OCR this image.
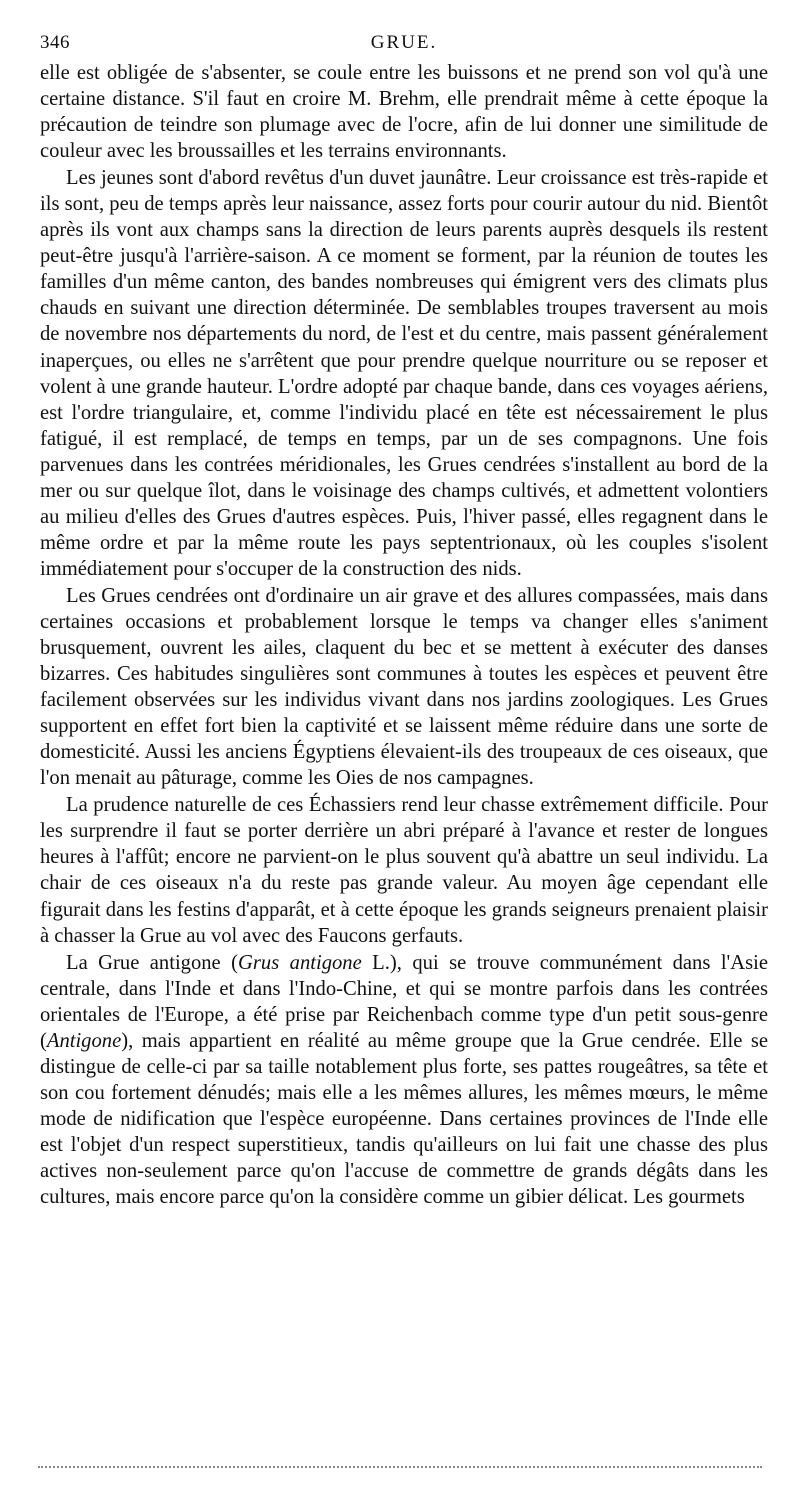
346	GRUE.

elle est obligée de s'absenter, se coule entre les buissons et ne prend son vol qu'à une certaine distance. S'il faut en croire M. Brehm, elle prendrait même à cette époque la précaution de teindre son plumage avec de l'ocre, afin de lui donner une similitude de couleur avec les broussailles et les terrains environnants.

Les jeunes sont d'abord revêtus d'un duvet jaunâtre. Leur croissance est très-rapide et ils sont, peu de temps après leur naissance, assez forts pour courir autour du nid. Bientôt après ils vont aux champs sans la direction de leurs parents auprès desquels ils restent peut-être jusqu'à l'arrière-saison. A ce moment se forment, par la réunion de toutes les familles d'un même canton, des bandes nombreuses qui émigrent vers des climats plus chauds en suivant une direction déterminée. De semblables troupes traversent au mois de novembre nos départements du nord, de l'est et du centre, mais passent généralement inaperçues, ou elles ne s'arrêtent que pour prendre quelque nourriture ou se reposer et volent à une grande hauteur. L'ordre adopté par chaque bande, dans ces voyages aériens, est l'ordre triangulaire, et, comme l'individu placé en tête est nécessairement le plus fatigué, il est remplacé, de temps en temps, par un de ses compagnons. Une fois parvenues dans les contrées méridionales, les Grues cendrées s'installent au bord de la mer ou sur quelque îlot, dans le voisinage des champs cultivés, et admettent volontiers au milieu d'elles des Grues d'autres espèces. Puis, l'hiver passé, elles regagnent dans le même ordre et par la même route les pays septentrionaux, où les couples s'isolent immédiatement pour s'occuper de la construction des nids.

Les Grues cendrées ont d'ordinaire un air grave et des allures compassées, mais dans certaines occasions et probablement lorsque le temps va changer elles s'animent brusquement, ouvrent les ailes, claquent du bec et se mettent à exécuter des danses bizarres. Ces habitudes singulières sont communes à toutes les espèces et peuvent être facilement observées sur les individus vivant dans nos jardins zoologiques. Les Grues supportent en effet fort bien la captivité et se laissent même réduire dans une sorte de domesticité. Aussi les anciens Égyptiens élevaient-ils des troupeaux de ces oiseaux, que l'on menait au pâturage, comme les Oies de nos campagnes.

La prudence naturelle de ces Échassiers rend leur chasse extrêmement difficile. Pour les surprendre il faut se porter derrière un abri préparé à l'avance et rester de longues heures à l'affût; encore ne parvient-on le plus souvent qu'à abattre un seul individu. La chair de ces oiseaux n'a du reste pas grande valeur. Au moyen âge cependant elle figurait dans les festins d'apparât, et à cette époque les grands seigneurs prenaient plaisir à chasser la Grue au vol avec des Faucons gerfauts.

La Grue antigone (Grus antigone L.), qui se trouve communément dans l'Asie centrale, dans l'Inde et dans l'Indo-Chine, et qui se montre parfois dans les contrées orientales de l'Europe, a été prise par Reichenbach comme type d'un petit sous-genre (Antigone), mais appartient en réalité au même groupe que la Grue cendrée. Elle se distingue de celle-ci par sa taille notablement plus forte, ses pattes rougeâtres, sa tête et son cou fortement dénudés; mais elle a les mêmes allures, les mêmes mœurs, le même mode de nidification que l'espèce européenne. Dans certaines provinces de l'Inde elle est l'objet d'un respect superstitieux, tandis qu'ailleurs on lui fait une chasse des plus actives non-seulement parce qu'on l'accuse de commettre de grands dégâts dans les cultures, mais encore parce qu'on la considère comme un gibier délicat. Les gourmets
